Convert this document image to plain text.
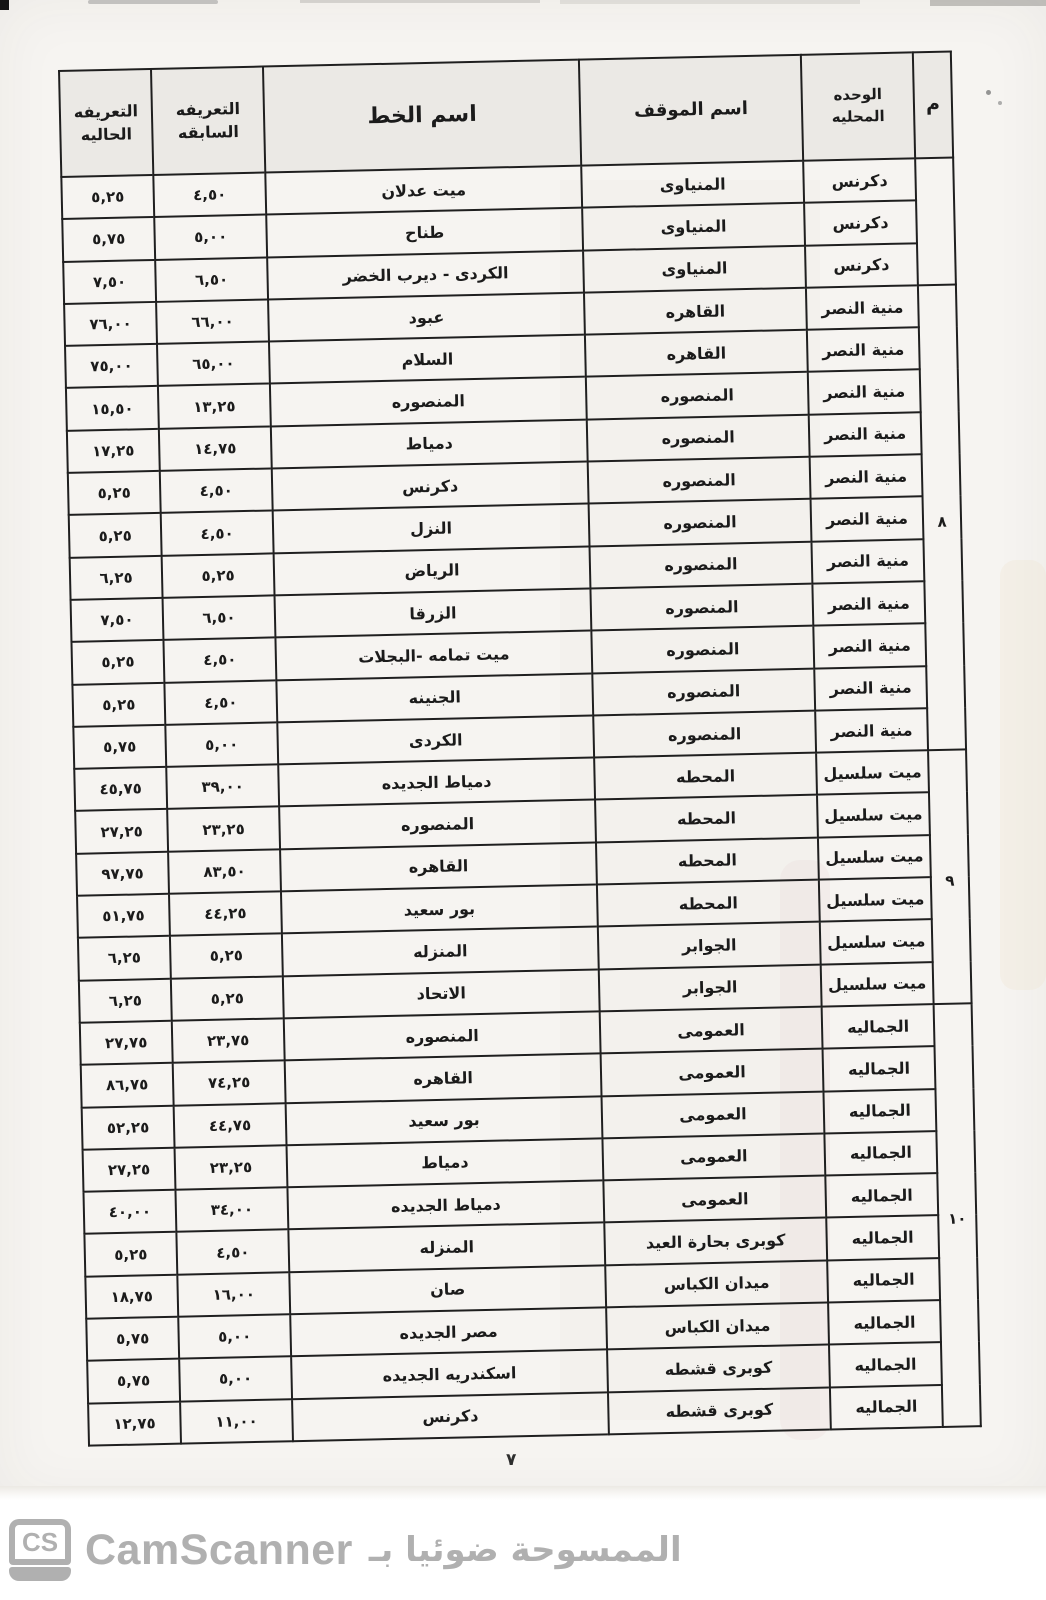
م	الوحده المحليه	اسم الموقف	اسم الخط	التعريفه السابقه	التعريفه الحاليه
	دكرنس	المنياوى	ميت عدلان	٤,٥٠	٥,٢٥
	دكرنس	المنياوى	طناح	٥,٠٠	٥,٧٥
	دكرنس	المنياوى	الكردى - ديرب الخضر	٦,٥٠	٧,٥٠
٨	منية النصر	القاهره	عبود	٦٦,٠٠	٧٦,٠٠
	منية النصر	القاهره	السلام	٦٥,٠٠	٧٥,٠٠
	منية النصر	المنصوره	المنصوره	١٣,٢٥	١٥,٥٠
	منية النصر	المنصوره	دمياط	١٤,٧٥	١٧,٢٥
	منية النصر	المنصوره	دكرنس	٤,٥٠	٥,٢٥
	منية النصر	المنصوره	النزل	٤,٥٠	٥,٢٥
	منية النصر	المنصوره	الرياض	٥,٢٥	٦,٢٥
	منية النصر	المنصوره	الزرقا	٦,٥٠	٧,٥٠
	منية النصر	المنصوره	ميت تمامه -البجلات	٤,٥٠	٥,٢٥
	منية النصر	المنصوره	الجنينه	٤,٥٠	٥,٢٥
	منية النصر	المنصوره	الكردى	٥,٠٠	٥,٧٥
٩	ميت سلسيل	المحطه	دمياط الجديده	٣٩,٠٠	٤٥,٧٥
	ميت سلسيل	المحطه	المنصوره	٢٣,٢٥	٢٧,٢٥
	ميت سلسيل	المحطه	القاهره	٨٣,٥٠	٩٧,٧٥
	ميت سلسيل	المحطه	بور سعيد	٤٤,٢٥	٥١,٧٥
	ميت سلسيل	الجوابر	المنزله	٥,٢٥	٦,٢٥
	ميت سلسيل	الجوابر	الاتحاد	٥,٢٥	٦,٢٥
١٠	الجماليه	العمومى	المنصوره	٢٣,٧٥	٢٧,٧٥
	الجماليه	العمومى	القاهره	٧٤,٢٥	٨٦,٧٥
	الجماليه	العمومى	بور سعيد	٤٤,٧٥	٥٢,٢٥
	الجماليه	العمومى	دمياط	٢٣,٢٥	٢٧,٢٥
	الجماليه	العمومى	دمياط الجديده	٣٤,٠٠	٤٠,٠٠
	الجماليه	كوبرى بحارة العيد	المنزله	٤,٥٠	٥,٢٥
	الجماليه	ميدان الكباس	صان	١٦,٠٠	١٨,٧٥
	الجماليه	ميدان الكباس	مصر الجديده	٥,٠٠	٥,٧٥
	الجماليه	كوبرى قشطه	اسكندريه الجديده	٥,٠٠	٥,٧٥
	الجماليه	كوبرى قشطه	دكرنس	١١,٠٠	١٢,٧٥
٧
CS CamScanner الممسوحة ضوئيا بـ
